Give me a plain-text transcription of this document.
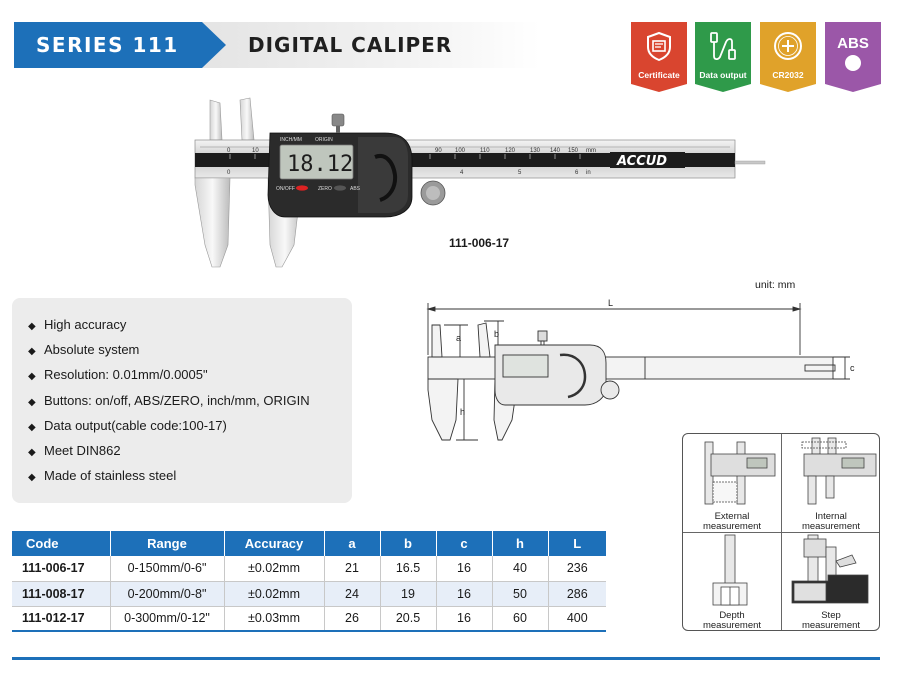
SERIES 111	DIGITAL CALIPER
Certificate	Data output	CR2032
ABS
0	10	90 100 110	120 130 140 150 mm
0	4	5	6 in
ACCUD
18.12
INCH/MM	ORIGIN
ON/OFF	ZERO	ABS
111-006-17
◆ High accuracy
◆ Absolute system
◆ Resolution: 0.01mm/0.0005"
◆ Buttons: on/off, ABS/ZERO, inch/mm, ORIGIN
◆ Data output(cable code:100-17)
◆ Meet DIN862
◆ Made of stainless steel
unit: mm
L
a	b
c
h
Code	Range	Accuracy	a	b	c	h	L
111-006-17	0-150mm/0-6"	±0.02mm	21	16.5	16	40	236
111-008-17	0-200mm/0-8"	±0.02mm	24	19	16	50	286
111-012-17	0-300mm/0-12"	±0.03mm	26	20.5	16	60	400
External
measurement
Internal
measurement
Depth
measurement
Step
measurement
